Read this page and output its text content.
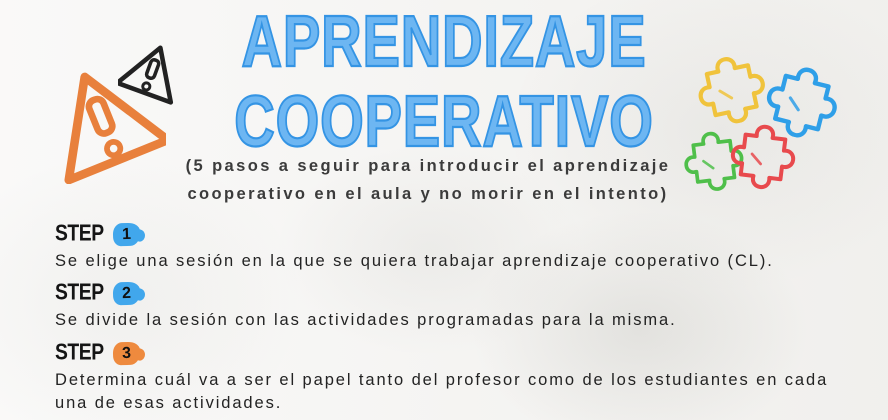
APRENDIZAJE
COOPERATIVO
(5 pasos a seguir para introducir el aprendizaje
cooperativo en el aula y no morir en el intento)
STEP	1
Se elige una sesión en la que se quiera trabajar aprendizaje cooperativo (CL).
STEP	2
Se divide la sesión con las actividades programadas para la misma.
STEP	3
Determina cuál va a ser el papel tanto del profesor como de los estudiantes en cada una de esas actividades.
